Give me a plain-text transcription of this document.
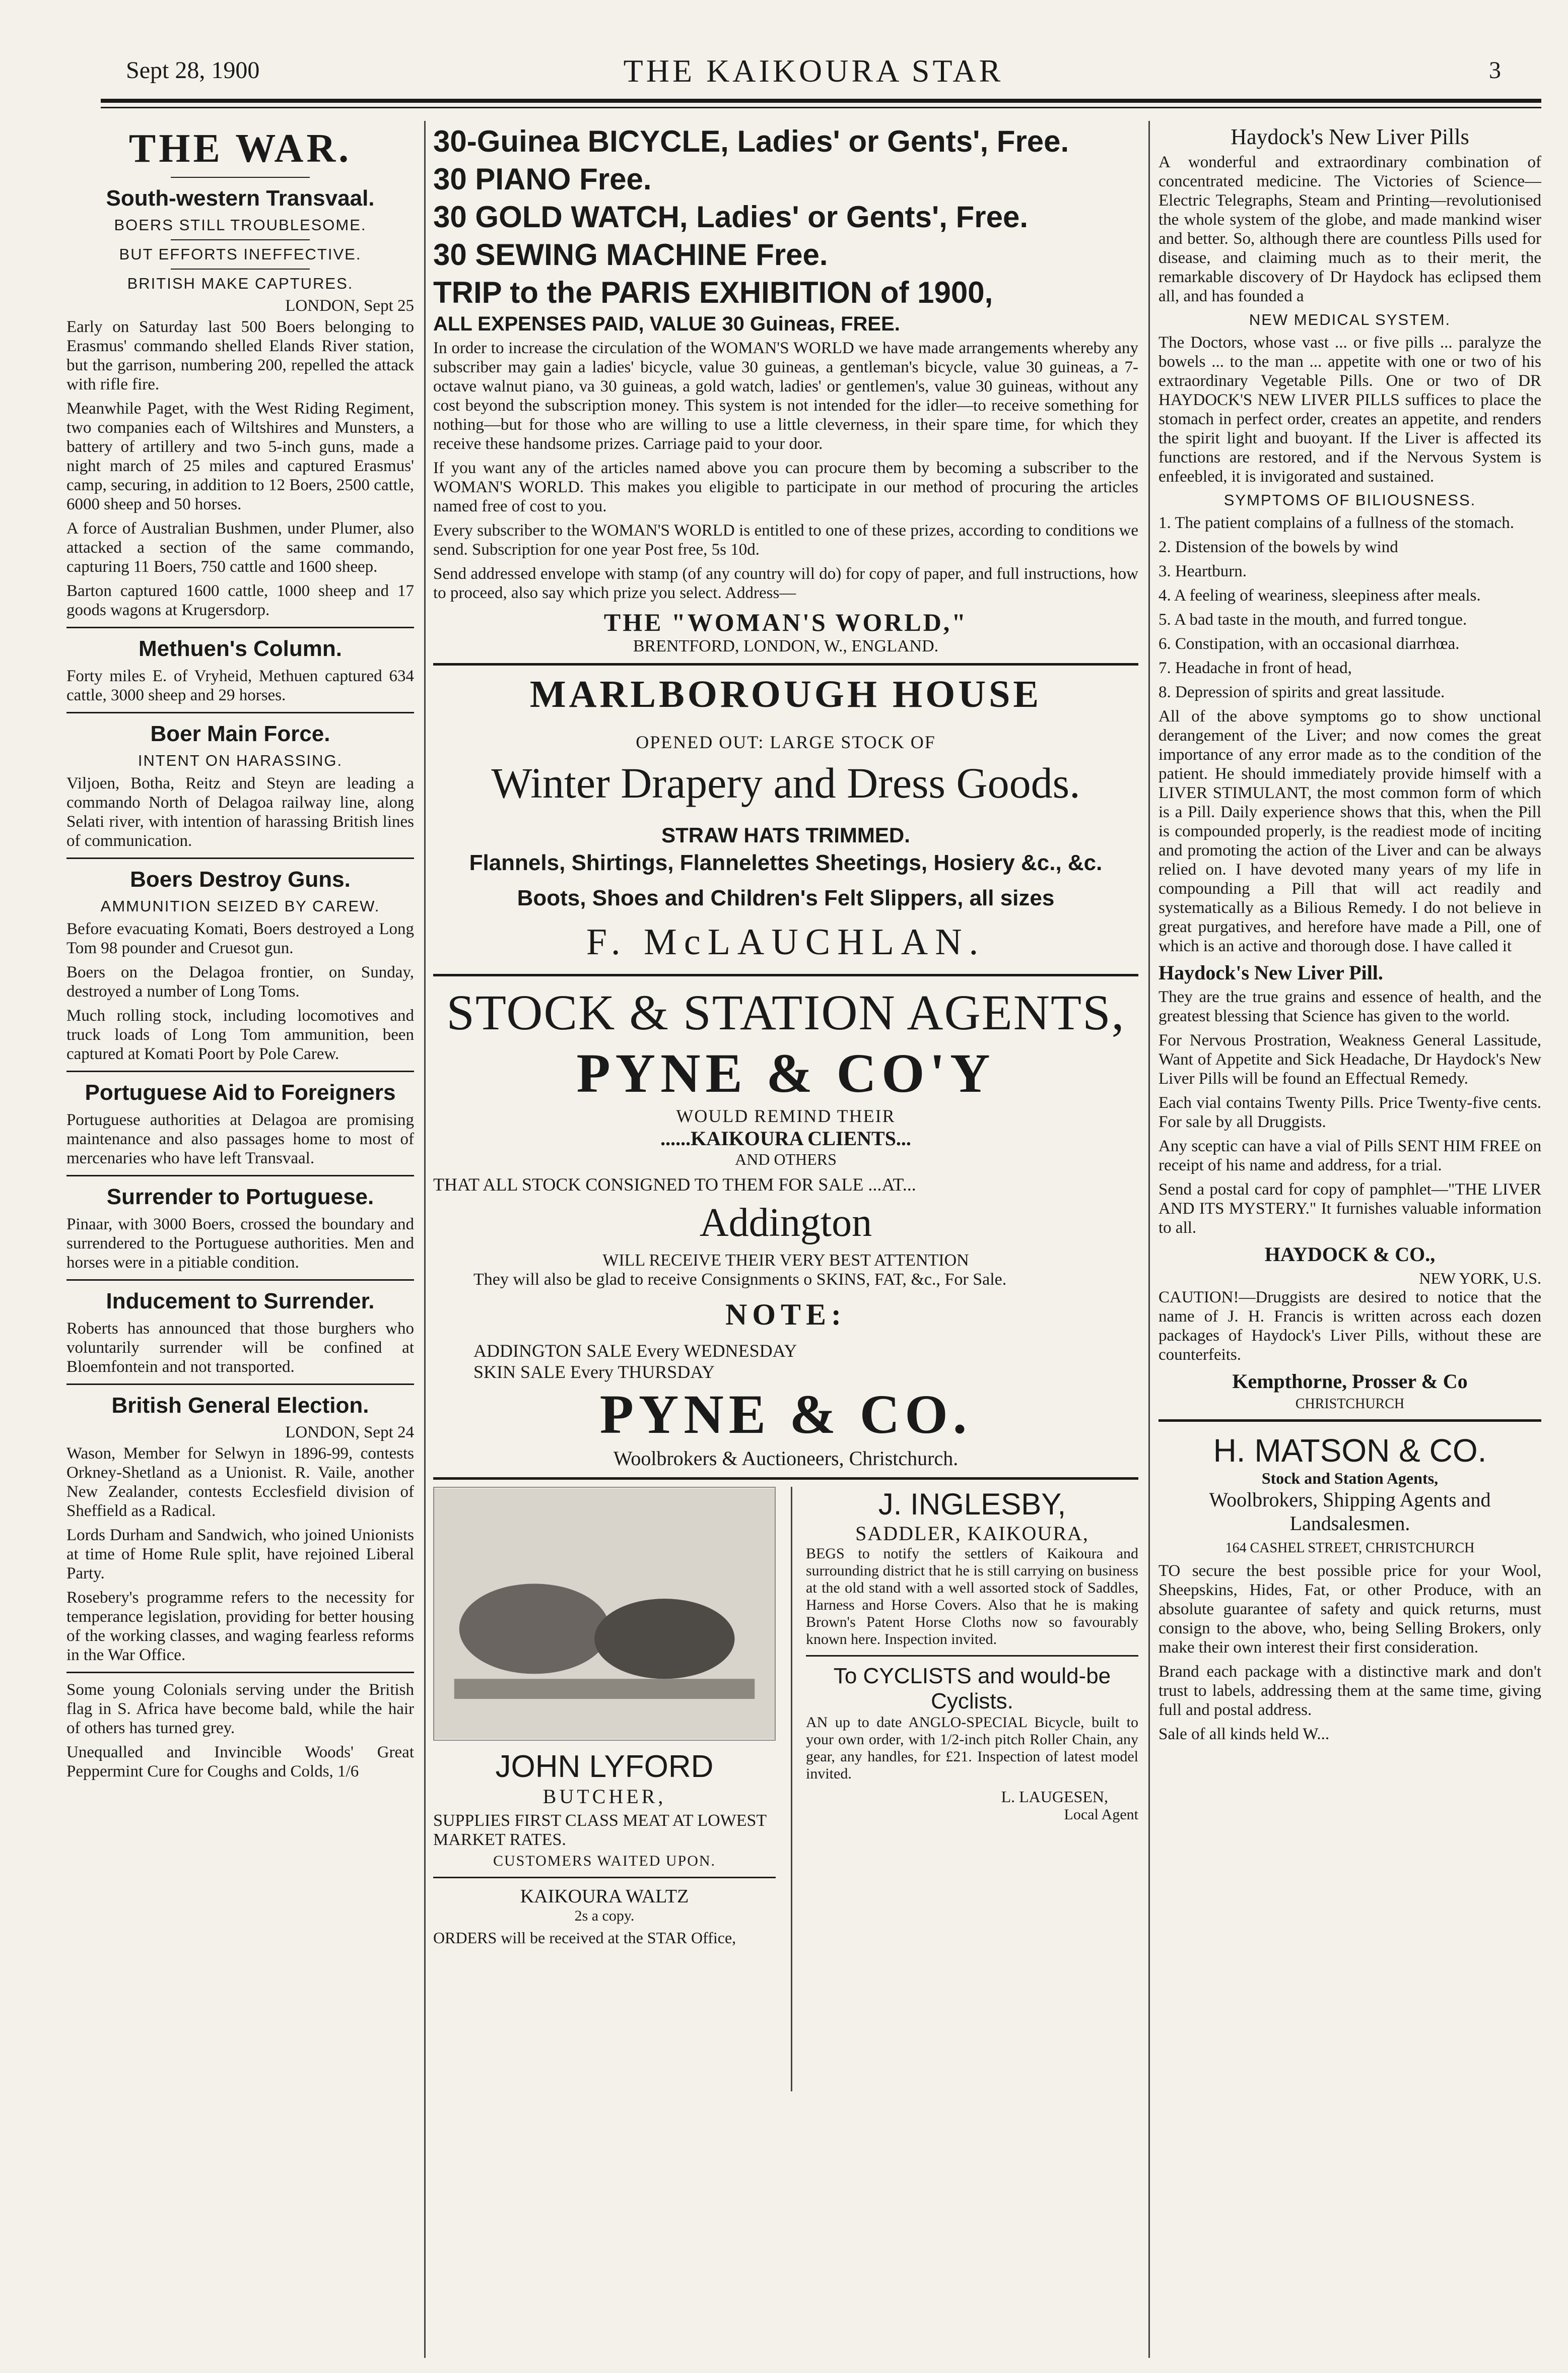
Sept 28, 1900	THE KAIKOURA STAR	3
THE WAR.
South-western Transvaal.
BOERS STILL TROUBLESOME.
BUT EFFORTS INEFFECTIVE.
BRITISH MAKE CAPTURES.
LONDON, Sept 25

Early on Saturday last 500 Boers belonging to Erasmus' commando shelled Elands River station, but the garrison, numbering 200, repelled the attack with rifle fire.

Meanwhile Paget, with the West Riding Regiment, two companies each of Wiltshires and Munsters, a battery of artillery and two 5-inch guns, made a night march of 25 miles and captured Erasmus' camp, securing, in addition to 12 Boers, 2500 cattle, 6000 sheep and 50 horses.

A force of Australian Bushmen, under Plumer, also attacked a section of the same commando, capturing 11 Boers, 750 cattle and 1600 sheep.

Barton captured 1600 cattle, 1000 sheep and 17 goods wagons at Krugersdorp.

Methuen's Column.

Forty miles E. of Vryheid, Methuen captured 634 cattle, 3000 sheep and 29 horses.

Boer Main Force.
INTENT ON HARASSING.

Viljoen, Botha, Reitz and Steyn are leading a commando North of Delagoa railway line, along Selati river, with intention of harassing British lines of communication.

Boers Destroy Guns.
AMMUNITION SEIZED BY CAREW.

Before evacuating Komati, Boers destroyed a Long Tom 98 pounder and Cruesot gun.

Boers on the Delagoa frontier, on Sunday, destroyed a number of Long Toms.

Much rolling stock, including locomotives and truck loads of Long Tom ammunition, been captured at Komati Poort by Pole Carew.

Portuguese Aid to Foreigners

Portuguese authorities at Delagoa are promising maintenance and also passages home to most of mercenaries who have left Transvaal.

Surrender to Portuguese.

Pinaar, with 3000 Boers, crossed the boundary and surrendered to the Portuguese authorities. Men and horses were in a pitiable condition.

Inducement to Surrender.

Roberts has announced that those burghers who voluntarily surrender will be confined at Bloemfontein and not transported.

British General Election.
LONDON, Sept 24

Wason, Member for Selwyn in 1896-99, contests Orkney-Shetland as a Unionist. R. Vaile, another New Zealander, contests Ecclesfield division of Sheffield as a Radical.

Lords Durham and Sandwich, who joined Unionists at time of Home Rule split, have rejoined Liberal Party.

Rosebery's programme refers to the necessity for temperance legislation, providing for better housing of the working classes, and waging fearless reforms in the War Office.

Some young Colonials serving under the British flag in S. Africa have become bald, while the hair of others has turned grey.

Unequalled and Invincible Woods' Great Peppermint Cure for Coughs and Colds, 1/6

30-Guinea BICYCLE, Ladies' or Gents', Free.
30 PIANO Free.
30 GOLD WATCH, Ladies' or Gents', Free.
30 SEWING MACHINE Free.
TRIP to the PARIS EXHIBITION of 1900,
ALL EXPENSES PAID, VALUE 30 Guineas, FREE.

In order to increase the circulation of the WOMAN'S WORLD we have made arrangements whereby any subscriber may gain a ladies' bicycle, value 30 guineas, a gentleman's bicycle, value 30 guineas, a 7-octave walnut piano, va 30 guineas, a gold watch, ladies' or gentlemen's, value 30 guineas, without any cost beyond the subscription money. This system is not intended for the idler—to receive something for nothing—but for those who are willing to use a little cleverness, in their spare time, for which they receive these handsome prizes. Carriage paid to your door.

If you want any of the articles named above you can procure them by becoming a subscriber to the WOMAN'S WORLD. This makes you eligible to participate in our method of procuring the articles named free of cost to you.

Every subscriber to the WOMAN'S WORLD is entitled to one of these prizes, according to conditions we send. Subscription for one year Post free, 5s 10d.

Send addressed envelope with stamp (of any country will do) for copy of paper, and full instructions, how to proceed, also say which prize you select. Address—

THE "WOMAN'S WORLD,"
BRENTFORD, LONDON, W., ENGLAND.
MARLBOROUGH HOUSE
OPENED OUT: LARGE STOCK OF
Winter Drapery and Dress Goods.
STRAW HATS TRIMMED.
Flannels, Shirtings, Flannelettes Sheetings, Hosiery &c., &c.
Boots, Shoes and Children's Felt Slippers, all sizes
F. McLAUCHLAN.
STOCK & STATION AGENTS,
PYNE & CO'Y
WOULD REMIND THEIR
......KAIKOURA CLIENTS...
AND OTHERS
THAT ALL STOCK CONSIGNED TO THEM FOR SALE ...AT...
Addington
WILL RECEIVE THEIR VERY BEST ATTENTION
They will also be glad to receive Consignments o SKINS, FAT, &c., For Sale.
NOTE:
ADDINGTON SALE Every WEDNESDAY
SKIN SALE Every THURSDAY
PYNE & CO.
Woolbrokers & Auctioneers, Christchurch.
JOHN LYFORD
BUTCHER,
SUPPLIES FIRST CLASS MEAT AT LOWEST MARKET RATES.
CUSTOMERS WAITED UPON.
KAIKOURA WALTZ
2s a copy.
ORDERS will be received at the STAR Office,
J. INGLESBY,
SADDLER, KAIKOURA,

BEGS to notify the settlers of Kaikoura and surrounding district that he is still carrying on business at the old stand with a well assorted stock of Saddles, Harness and Horse Covers. Also that he is making Brown's Patent Horse Cloths now so favourably known here. Inspection invited.

To CYCLISTS and would-be Cyclists.

AN up to date ANGLO-SPECIAL Bicycle, built to your own order, with 1/2-inch pitch Roller Chain, any gear, any handles, for £21. Inspection of latest model invited.

L. LAUGESEN,
Local Agent
Haydock's New Liver Pills

A wonderful and extraordinary combination of concentrated medicine. The Victories of Science—Electric Telegraphs, Steam and Printing—revolutionised the whole system of the globe, and made mankind wiser and better. So, although there are countless Pills used for disease, and claiming much as to their merit, the remarkable discovery of Dr Haydock has eclipsed them all, and has founded a

NEW MEDICAL SYSTEM.

The Doctors, whose vast ... or five pills ... paralyze the bowels ... to the man ... appetite with one or two of his extraordinary Vegetable Pills. One or two of DR HAYDOCK'S NEW LIVER PILLS suffices to place the stomach in perfect order, creates an appetite, and renders the spirit light and buoyant. If the Liver is affected its functions are restored, and if the Nervous System is enfeebled, it is invigorated and sustained.

SYMPTOMS OF BILIOUSNESS.

1. The patient complains of a fullness of the stomach.

2. Distension of the bowels by wind

3. Heartburn.

4. A feeling of weariness, sleepiness after meals.

5. A bad taste in the mouth, and furred tongue.

6. Constipation, with an occasional diarrhœa.

7. Headache in front of head,

8. Depression of spirits and great lassitude.

All of the above symptoms go to show unctional derangement of the Liver; and now comes the great importance of any error made as to the condition of the patient. He should immediately provide himself with a LIVER STIMULANT, the most common form of which is a Pill. Daily experience shows that this, when the Pill is compounded properly, is the readiest mode of inciting and promoting the action of the Liver and can be always relied on. I have devoted many years of my life in compounding a Pill that will act readily and systematically as a Bilious Remedy. I do not believe in great purgatives, and herefore have made a Pill, one of which is an active and thorough dose. I have called it

Haydock's New Liver Pill.

They are the true grains and essence of health, and the greatest blessing that Science has given to the world.

For Nervous Prostration, Weakness General Lassitude, Want of Appetite and Sick Headache, Dr Haydock's New Liver Pills will be found an Effectual Remedy.

Each vial contains Twenty Pills. Price Twenty-five cents. For sale by all Druggists.

Any sceptic can have a vial of Pills SENT HIM FREE on receipt of his name and address, for a trial.

Send a postal card for copy of pamphlet—"THE LIVER AND ITS MYSTERY." It furnishes valuable information to all.

HAYDOCK & CO.,
NEW YORK, U.S.

CAUTION!—Druggists are desired to notice that the name of J. H. Francis is written across each dozen packages of Haydock's Liver Pills, without these are counterfeits.

Kempthorne, Prosser & Co
CHRISTCHURCH
H. MATSON & CO.
Stock and Station Agents,
Woolbrokers, Shipping Agents and Landsalesmen.
164 CASHEL STREET, CHRISTCHURCH

TO secure the best possible price for your Wool, Sheepskins, Hides, Fat, or other Produce, with an absolute guarantee of safety and quick returns, must consign to the above, who, being Selling Brokers, only make their own interest their first consideration.

Brand each package with a distinctive mark and don't trust to labels, addressing them at the same time, giving full and postal address.

Sale of all kinds held W...
